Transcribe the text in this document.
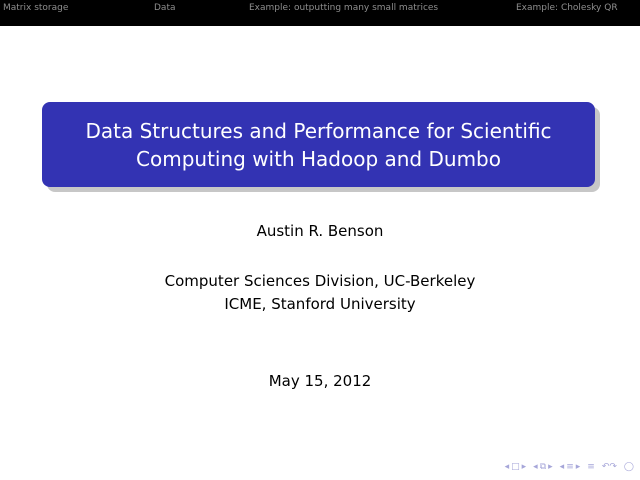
Matrix storage	Data	Example: outputting many small matrices	Example: Cholesky QR
Data Structures and Performance for Scientific
Computing with Hadoop and Dumbo
Austin R. Benson
Computer Sciences Division, UC-Berkeley
ICME, Stanford University
May 15, 2012
◂ □ ▸ ◂ ⧉ ▸ ◂ ≡ ▸ ≡ ↶↷ ◯
